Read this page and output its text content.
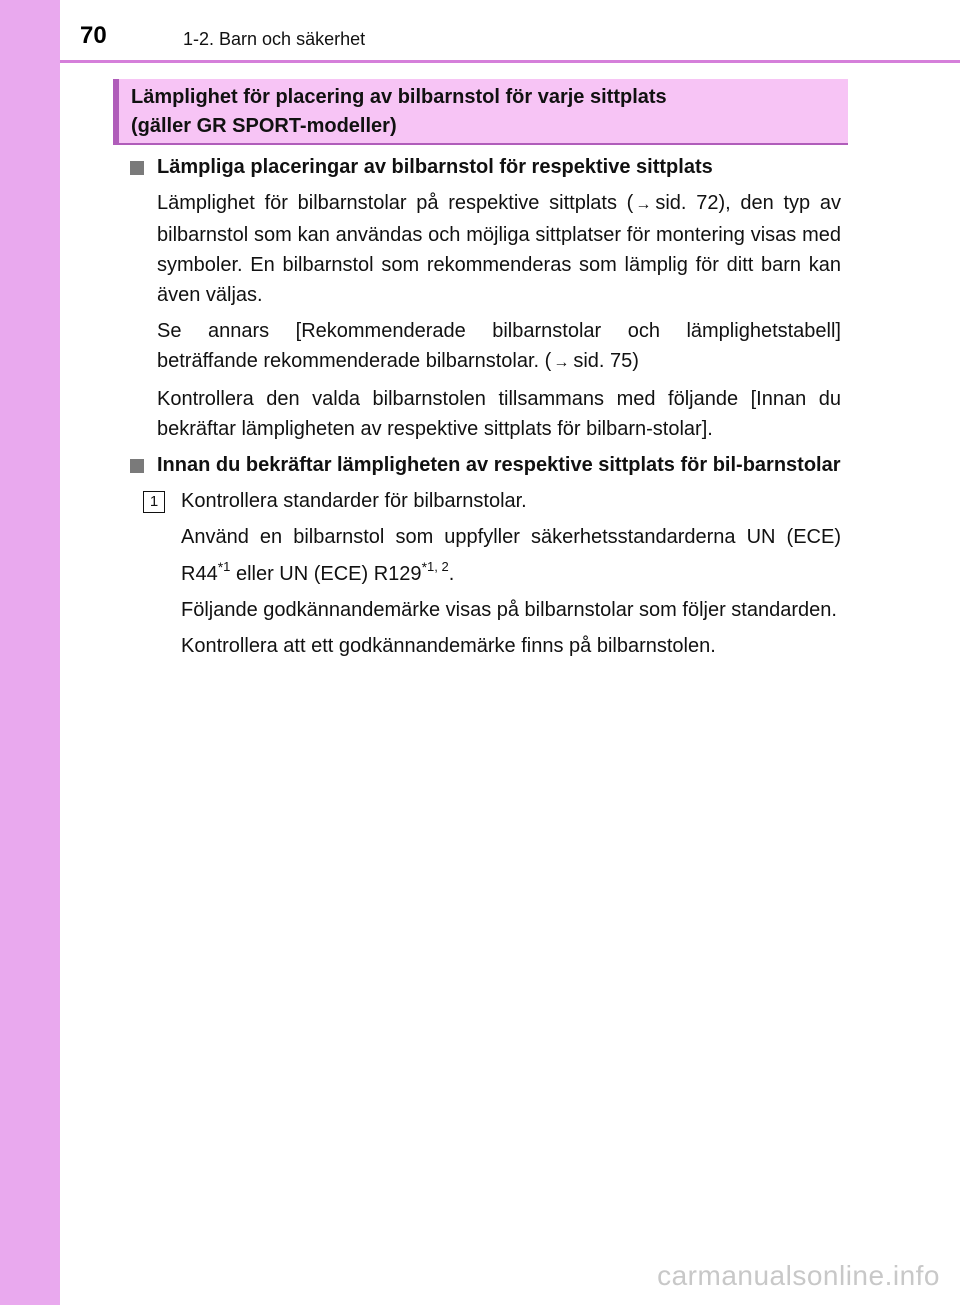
70	1-2. Barn och säkerhet
Lämplighet för placering av bilbarnstol för varje sittplats
(gäller GR SPORT-modeller)
Lämpliga placeringar av bilbarnstol för respektive sittplats

Lämplighet för bilbarnstolar på respektive sittplats ( → sid. 72), den typ av bilbarnstol som kan användas och möjliga sittplatser för montering visas med symboler. En bilbarnstol som rekommenderas som lämplig för ditt barn kan även väljas.

Se annars [Rekommenderade bilbarnstolar och lämplighetstabell] beträffande rekommenderade bilbarnstolar. ( → sid. 75)

Kontrollera den valda bilbarnstolen tillsammans med följande [Innan du bekräftar lämpligheten av respektive sittplats för bilbarn-stolar].

Innan du bekräftar lämpligheten av respektive sittplats för bil-barnstolar
1	Kontrollera standarder för bilbarnstolar.

Använd en bilbarnstol som uppfyller säkerhetsstandarderna UN (ECE) R44$^{*1}$ eller UN (ECE) R129$^{*1, 2}$.

Följande godkännandemärke visas på bilbarnstolar som följer standarden.

Kontrollera att ett godkännandemärke finns på bilbarnstolen.

carmanualsonline.info
